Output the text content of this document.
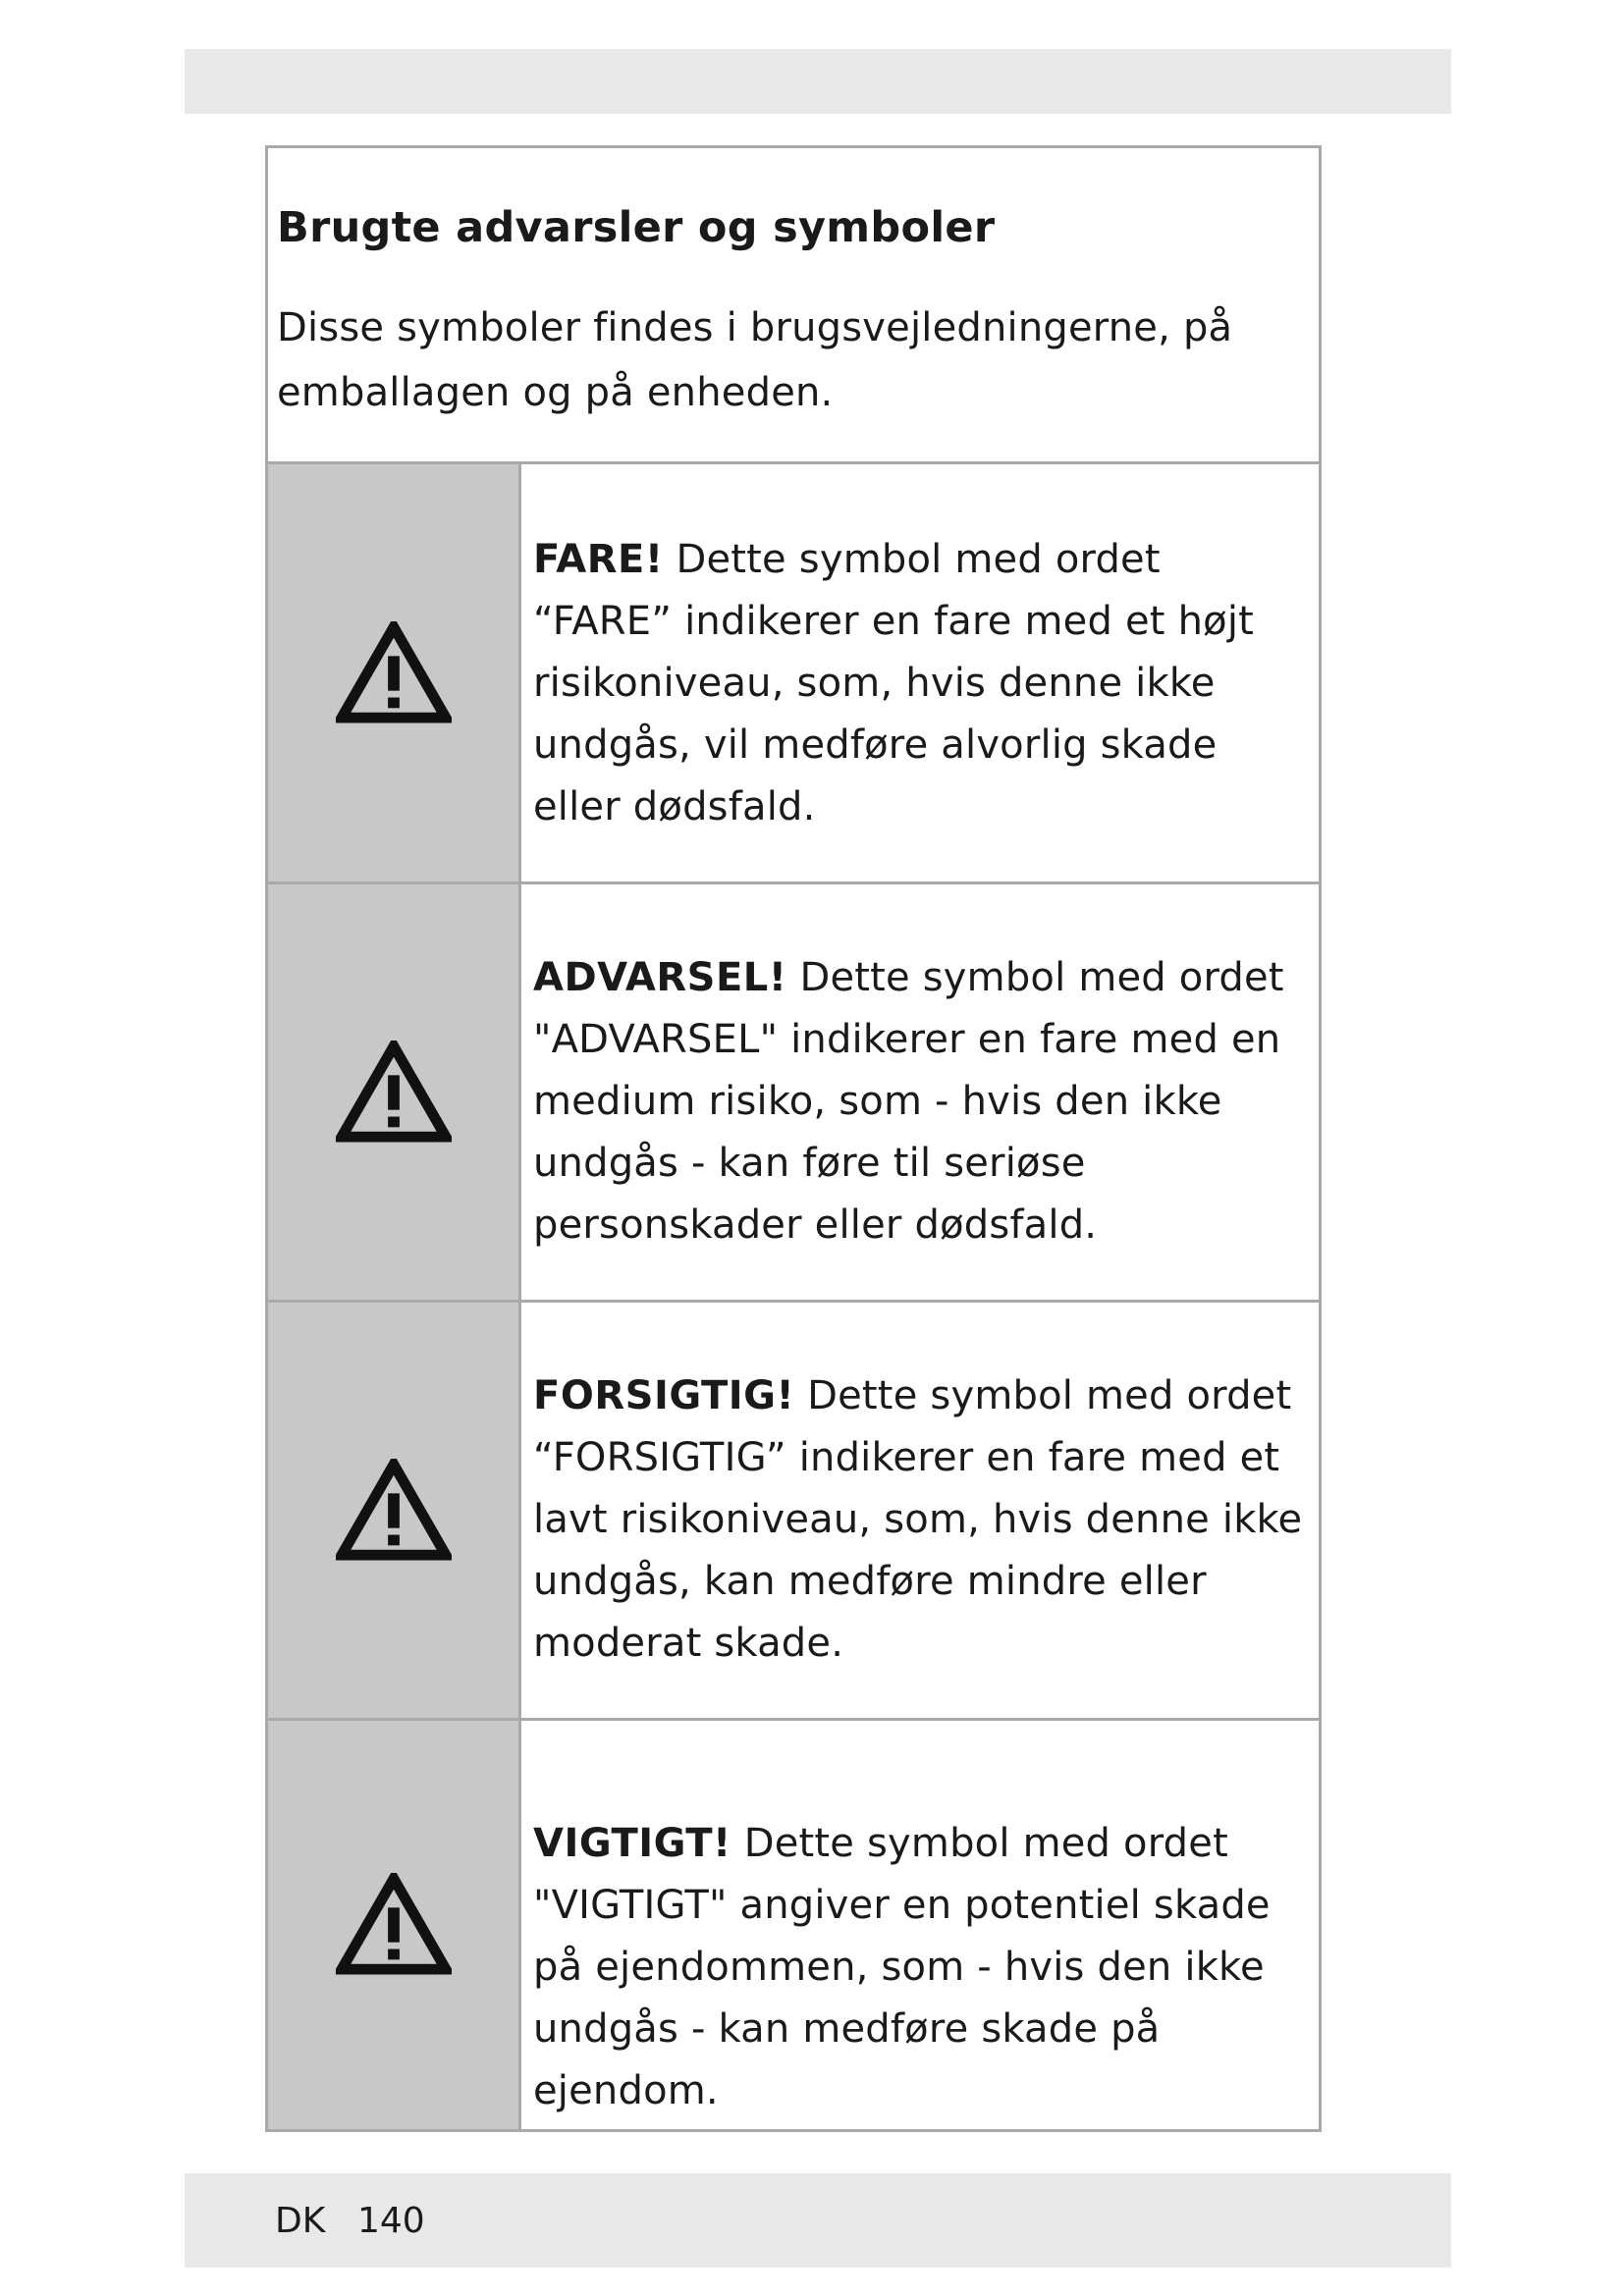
Brugte advarsler og symboler

Disse symboler findes i brugsvejledningerne, på emballagen og på enheden.

FARE! Dette symbol med ordet “FARE” indikerer en fare med et højt risikoniveau, som, hvis denne ikke undgås, vil medføre alvorlig skade eller dødsfald.
ADVARSEL! Dette symbol med ordet "ADVARSEL" indikerer en fare med en medium risiko, som - hvis den ikke undgås - kan føre til seriøse personskader eller dødsfald.
FORSIGTIG! Dette symbol med ordet “FORSIGTIG” indikerer en fare med et lavt risikoniveau, som, hvis denne ikke undgås, kan medføre mindre eller moderat skade.
VIGTIGT! Dette symbol med ordet "VIGTIGT" angiver en potentiel skade på ejendommen, som - hvis den ikke undgås - kan medføre skade på ejendom.
DK 140
